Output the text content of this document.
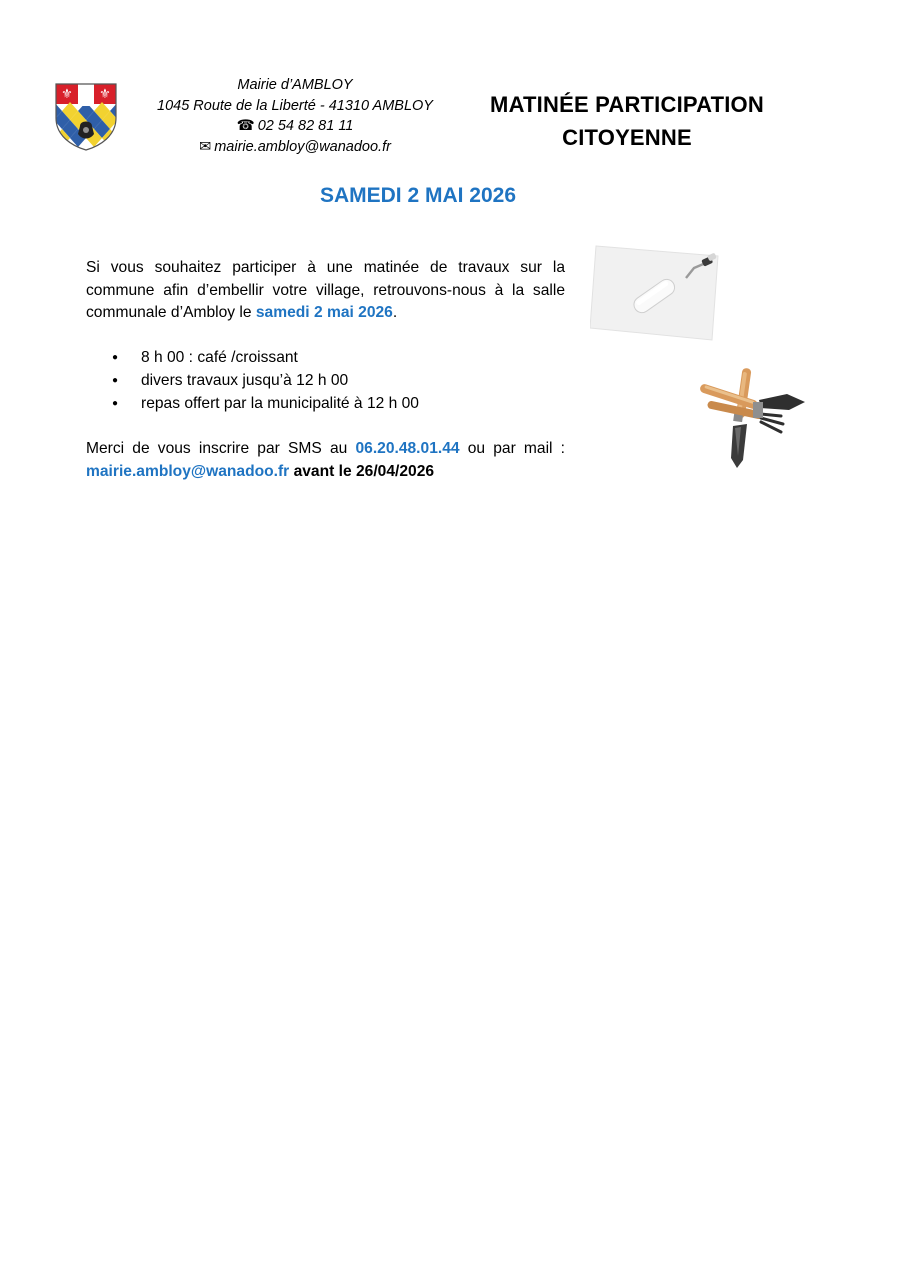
⚜ ⚜
Mairie d’AMBLOY
1045 Route de la Liberté - 41310 AMBLOY
☎ 02 54 82 81 11
✉ mairie.ambloy@wanadoo.fr
MATINÉE PARTICIPATION
CITOYENNE
SAMEDI 2 MAI 2026

Si vous souhaitez participer à une matinée de travaux sur la commune afin d’embellir votre village, retrouvons-nous à la salle communale d’Ambloy le samedi 2 mai 2026.

● 8 h 00 : café /croissant
● divers travaux jusqu’à 12 h 00
● repas offert par la municipalité à 12 h 00

Merci de vous inscrire par SMS au 06.20.48.01.44 ou par mail : mairie.ambloy@wanadoo.fr avant le 26/04/2026
